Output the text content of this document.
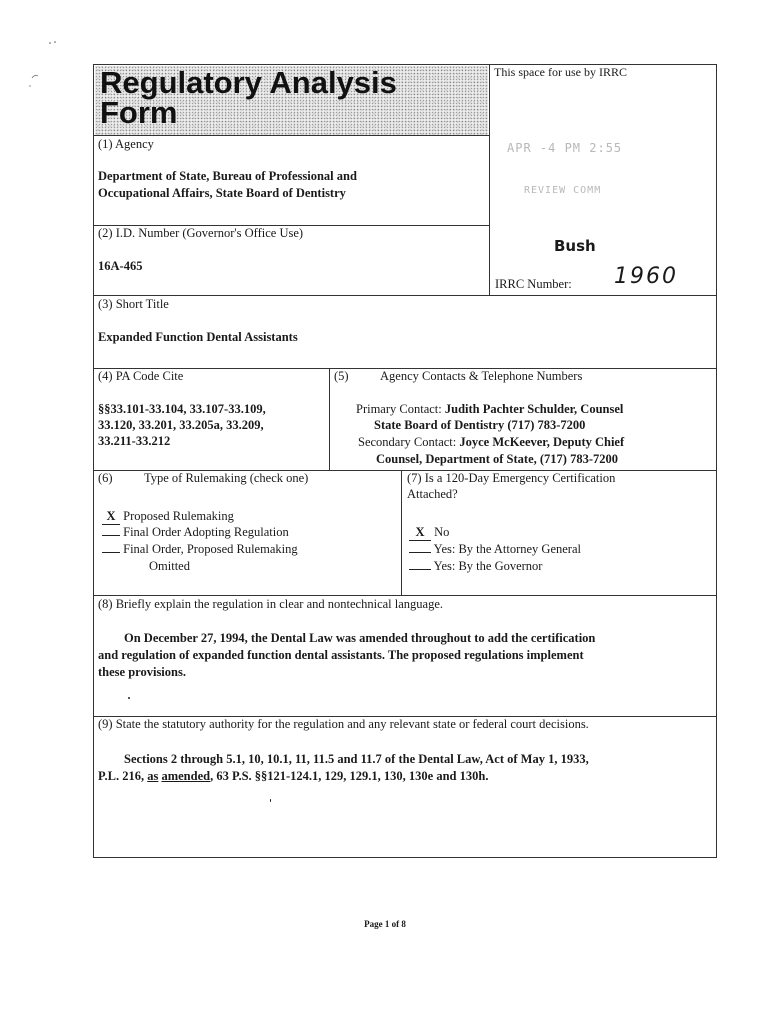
Regulatory Analysis Form
This space for use by IRRC
APR -4 PM 2:55
REVIEW COMM
Bush
IRRC Number: 1960
(1) Agency
Department of State, Bureau of Professional and
Occupational Affairs, State Board of Dentistry
(2) I.D. Number (Governor's Office Use)
16A-465
(3) Short Title
Expanded Function Dental Assistants
(4) PA Code Cite
§§33.101-33.104, 33.107-33.109,
33.120, 33.201, 33.205a, 33.209,
33.211-33.212
(5)	Agency Contacts & Telephone Numbers
Primary Contact: Judith Pachter Schulder, Counsel
State Board of Dentistry (717) 783-7200
Secondary Contact: Joyce McKeever, Deputy Chief
Counsel, Department of State, (717) 783-7200
(6)	Type of Rulemaking (check one)
X Proposed Rulemaking
Final Order Adopting Regulation
Final Order, Proposed Rulemaking
Omitted
(7) Is a 120-Day Emergency Certification
Attached?
X No
Yes: By the Attorney General
Yes: By the Governor
(8) Briefly explain the regulation in clear and nontechnical language.
On December 27, 1994, the Dental Law was amended throughout to add the certification
and regulation of expanded function dental assistants. The proposed regulations implement
these provisions.
(9) State the statutory authority for the regulation and any relevant state or federal court decisions.
Sections 2 through 5.1, 10, 10.1, 11, 11.5 and 11.7 of the Dental Law, Act of May 1, 1933,
P.L. 216, as amended, 63 P.S. §§121-124.1, 129, 129.1, 130, 130e and 130h.
Page 1 of 8
